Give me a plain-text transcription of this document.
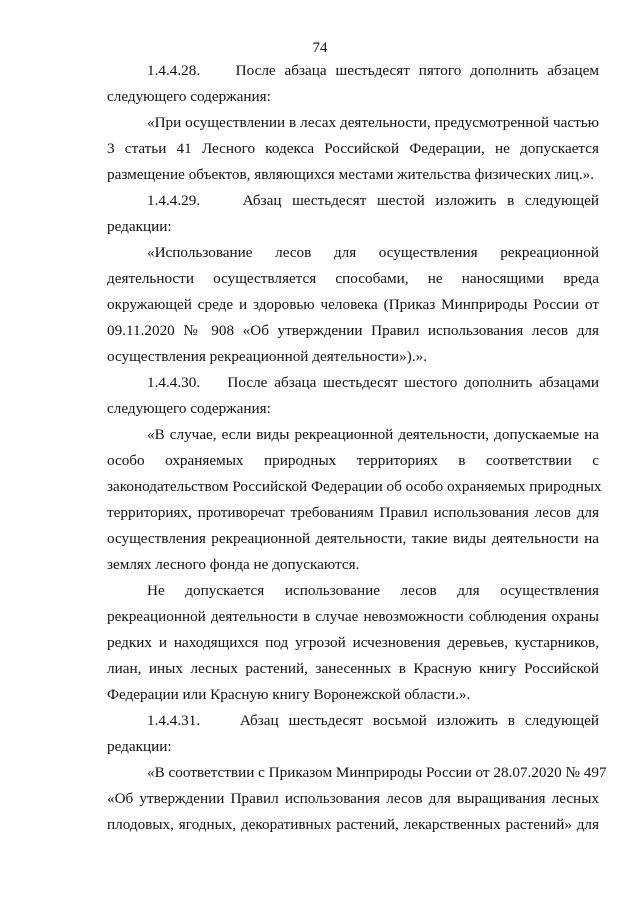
74
1.4.4.28.    После абзаца шестьдесят пятого дополнить абзацем
следующего содержания:
«При осуществлении в лесах деятельности, предусмотренной частью
3 статьи 41 Лесного кодекса Российской Федерации, не допускается
размещение объектов, являющихся местами жительства физических лиц.».
1.4.4.29.    Абзац шестьдесят шестой изложить в следующей
редакции:
«Использование лесов для осуществления рекреационной
деятельности осуществляется способами, не наносящими вреда
окружающей среде и здоровью человека (Приказ Минприроды России от
09.11.2020 № 908 «Об утверждении Правил использования лесов для
осуществления рекреационной деятельности»).».
1.4.4.30.    После абзаца шестьдесят шестого дополнить абзацами
следующего содержания:
«В случае, если виды рекреационной деятельности, допускаемые на
особо охраняемых природных территориях в соответствии с
законодательством Российской Федерации об особо охраняемых природных
территориях, противоречат требованиям Правил использования лесов для
осуществления рекреационной деятельности, такие виды деятельности на
землях лесного фонда не допускаются.
Не допускается использование лесов для осуществления
рекреационной деятельности в случае невозможности соблюдения охраны
редких и находящихся под угрозой исчезновения деревьев, кустарников,
лиан, иных лесных растений, занесенных в Красную книгу Российской
Федерации или Красную книгу Воронежской области.».
1.4.4.31.    Абзац шестьдесят восьмой изложить в следующей
редакции:
«В соответствии с Приказом Минприроды России от 28.07.2020 № 497
«Об утверждении Правил использования лесов для выращивания лесных
плодовых, ягодных, декоративных растений, лекарственных растений» для
